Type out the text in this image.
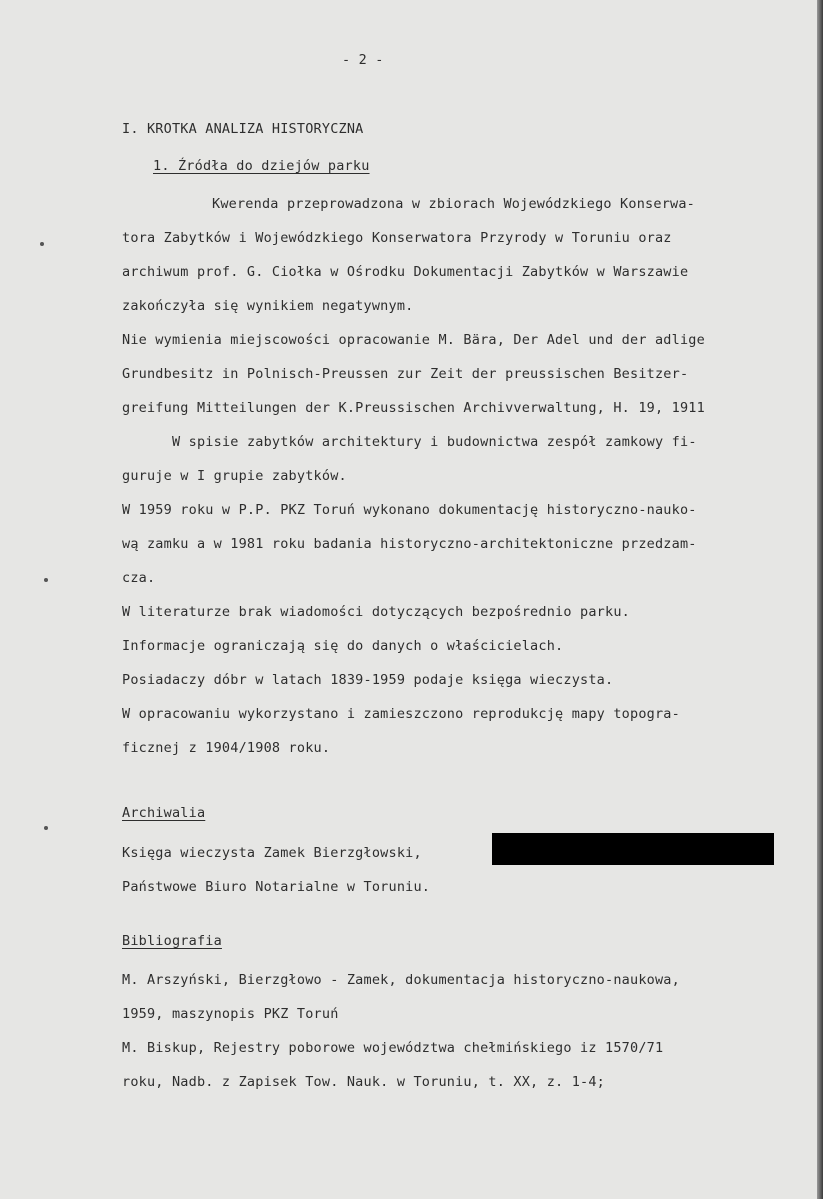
- 2 -
I. KROTKA ANALIZA HISTORYCZNA
1. Źródła do dziejów parku
Kwerenda przeprowadzona w zbiorach Wojewódzkiego Konserwa-
tora Zabytków i Wojewódzkiego Konserwatora Przyrody w Toruniu oraz
archiwum prof. G. Ciołka w Ośrodku Dokumentacji Zabytków w Warszawie
zakończyła się wynikiem negatywnym.
Nie wymienia miejscowości opracowanie M. Bära, Der Adel und der adlige
Grundbesitz in Polnisch-Preussen zur Zeit der preussischen Besitzer-
greifung Mitteilungen der K.Preussischen Archivverwaltung, H. 19, 1911
W spisie zabytków architektury i budownictwa zespół zamkowy fi-
guruje w I grupie zabytków.
W 1959 roku w P.P. PKZ Toruń wykonano dokumentację historyczno-nauko-
wą zamku a w 1981 roku badania historyczno-architektoniczne przedzam-
cza.
W literaturze brak wiadomości dotyczących bezpośrednio parku.
Informacje ograniczają się do danych o właścicielach.
Posiadaczy dóbr w latach 1839-1959 podaje księga wieczysta.
W opracowaniu wykorzystano i zamieszczono reprodukcję mapy topogra-
ficznej z 1904/1908 roku.
Archiwalia
Księga wieczysta Zamek Bierzgłowski,
Państwowe Biuro Notarialne w Toruniu.
Bibliografia
M. Arszyński, Bierzgłowo - Zamek, dokumentacja historyczno-naukowa,
1959, maszynopis PKZ Toruń
M. Biskup, Rejestry poborowe województwa chełmińskiego iz 1570/71
roku, Nadb. z Zapisek Tow. Nauk. w Toruniu, t. XX, z. 1-4;
